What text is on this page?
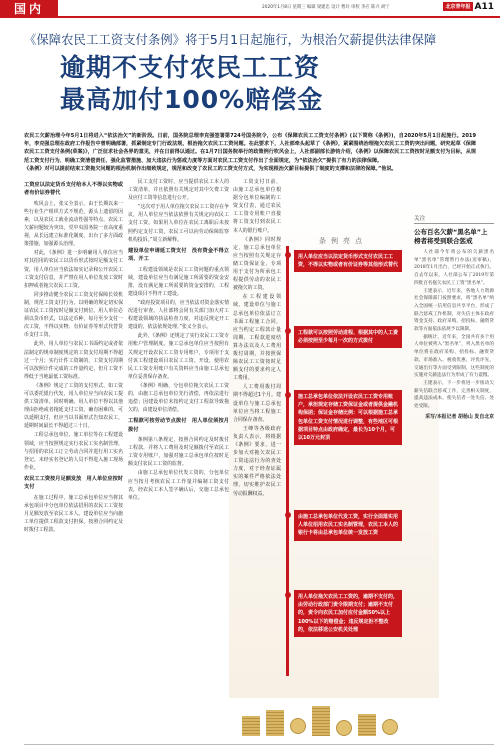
国内	2020年1月8日 星期三 编辑 梁建忠 设计 曹玲 审校 李应 陈兴 胡宁	北京青年报 A11
《保障农民工工资支付条例》将于5月1日起施行，为根治欠薪提供法律保障
逾期不支付农民工工资
最高加付100%赔偿金
农民工欠薪治理今年5月1日将进入“依法治欠”的新阶段。日前，国务院总理李克强签署第724号国务院令，公布《保障农民工工资支付条例》(以下简称《条例》)，自2020年5月1日起施行。2019年，李克强总理在政府工作报告中曾明确部署，抓紧制定专门行政法规，根治拖欠农民工工资问题。在此要求下，人社部牵头起草了《条例》，紧紧围绕治理拖欠农民工工资的突出问题，研究起草《保障农民工工资支付条例(草案)》，广泛征求社会各界的意见，并在日前得以通过。在1月7日国务院举行的政策例行吹风会上，人社部副部长游钧介绍，《条例》以保障农民工工资按时足额支付为目标，从规范工资支付行为、明确工资清偿责任、强化监管措施、加大违法行为惩戒力度等方面对农民工工资支付作出了全面规定，为“依法治欠”提供了有力的法律保障。
《条例》对可以提前结束工资拖欠问题的根治机制作出细致规定，规范和改变了农民工的工资支付方式，为实现根治欠薪目标提供了制度的支撑和法律的保障。”他说。
工资应以法定货币支付给本人不得以实物或者有价证券替代

吹风会上，张义全表示，由于长期以来一些行业生产组织方式不规范，源头上遗留的因素，以及农民工就业流动性强等特点，农民工欠薪问题较为突出。党中央国务院一直高度重视，从长远建立标准化制度，出台了多方面政策措施，加强源头治理。

对此，《条例》进一步明确用人单位应当对其招用的农民工以货币形式按时足额支付工资，用人单位应当依法如实记录和公开农民工工资支付信息，并严禁在用人单位发放工资时扣押或者拖欠农民工工资。

同步推动健全农民工工资支付保障长效机制，规范工资支付行为，以明确的规定切实保证农民工工资按时足额支付到位。用人单位必须以货币形式，以法定币种，每月至少支付一次工资，不得以实物、有价证券等形式代替货币支付工资。

此外，用人单位与农民工书面约定或者依法制定的规章制度规定的工资支付周期不得超过一个月；实行计件工资制的，工资支付周期可以按照计件完成的工作量约定，但月工资不得低于当地最低工资标准。

《条例》规定了工资的支付形式、如工资可以委托银行代发，用人单位应当向农民工提供工资清单。同时明确，用人单位不得以其他理由拒绝或者拖延支付工资，确有困难的，可以延期支付，但应当以书面形式告知农民工，延期时间最长不得超过三十日。

工程总承包单位、施工单位等在工程建设领域，应当按照规定实行农民工实名制管理，与招用的农民工订立劳动合同并进行用工实名登记。未经实名登记的人员不得进入施工现场作业。

农民工工资按月足额发放　用人单位应按时支付

在施工过程中，施工总承包单位应当将其承包项目中分包单位依法招用的农民工工资按月足额发放至农民工本人。建设单位应当向施工单位提供工程款支付担保，按照合同约定及时拨付工程款。

民工支付工资时，应当提供农民工本人的工资清单，并且依照有关规定对其中欠费工资及应付工资等信息进行公开。

“这次对于用人单位拖欠农民工工资存在争议，用人单位应当依法依照有关规定向农民工支付工资。如果用人单位在农民工离职后未按照约定支付工资，农民工可以向劳动保障监察机构投诉。”周立新解释。

建设单位申请延工资支付　没有资金不得立项、开工

工程建设领域是农民工工资问题的重点领域，建设单位应当有满足施工所需要的资金安排，没有满足施工所需要的资金安排的，工程建设项目不得开工建设。

“政府投资项目的，应当依法对资金落实情况进行审查。人社部将会同有关部门加大对工程建设领域的执法检查力度，对违反规定开工建设的，依法依规处理。”张义全表示。

此外，《条例》还规定了实行农民工工资专用账户管理制度。施工总承包单位应当按照有关规定开设农民工工资专用账户，专项用于支付该工程建设项目农民工工资。开设、使用农民工工资专用账户有关资料应当由施工总承包单位妥善保存备查。

《条例》明确，分包单位拖欠农民工工资的，由施工总承包单位先行清偿，再依法进行追偿；因建设单位未按约定支付工程款导致拖欠的，由建设单位清偿。

工程款可按劳动节点拨付　用人单位须按月拨付

条例第八条规定，按照合同约定及时拨付工程款，并将人工费用及时足额拨付至农民工工资专用账户，加强对施工总承包单位按时足额支付农民工工资的监督。

由施工总承包单位代发工资的，分包单位应当按月考核农民工工作量并编制工资支付表，经农民工本人签字确认后，交施工总承包单位。

工资支付日前，由施工总承包单位根据分包单位编制的工资支付表，通过农民工工资专用账户直接将工资支付到农民工本人的银行账户。

《条例》同时规定，施工总承包单位应当按照有关规定存储工资保证金，专项用于支付为所承包工程提供劳动的农民工被拖欠的工资。

在工程建设领域，建设单位与施工总承包单位依法订立书面工程施工合同，应当约定工程款计量周期、工程款进度结算办法以及人工费用拨付周期，并按照保障农民工工资按时足额支付的要求约定人工费用。

人工费用拨付周期不得超过1个月。建设单位与施工总承包单位应当将工程施工合同保存备查。

王峰等各级政府负责人表示，将根据《条例》要求，进一步加大对拖欠农民工工资违法行为的查处力度，对于经查证属实的案件严格依法处理，切实维护农民工劳动报酬权益。

条例亮点
用人单位应当以法定货币形式支付农民工工资，不得以实物或者有价证券等其他形式替代
工程款可以按照劳动进程、根据其中的人工费必须按照至少每月一次的方式拨付
施工总承包单位依法开设农民工工资专用账户，承担规定存储工资保证金或者提供金融机构保函；保证金存储比例：可以根据施工总承包单位工资支付情况进行调整，有些地区可根据项目特点由政府确定，最长为10个月，可以10万元封顶
由施工总承包单位代发工资，实行全面落实用人单位招用农民工实名制管理，农民工本人的银行卡将由总承包单位统一发放工资
用人单位拖欠农民工工资的，逾期不支付的，由劳动行政部门责令限期支付；逾期不支付的，责令向农民工加付应付金额50%以上100%以下的赔偿金；违反规定拒不整改的，依法移送公安机关处理
关注
公布百名欠薪“黑名单”上榜者将受到联合惩戒

人社部今年将公布的欠薪黑名单“黑名单”管理暂行办法(送审稿)，2018年1月出台，已经开始正式执行。自去年以来，人社部公布了2019年第四批百名拖欠农民工工资“黑名单”。

王建表示，近年来，各地人力资源社会保障部门按照要求，将“黑名单”纳入全国统一信用信息共享平台，形成了联合惩戒工作机制，对失信主体在政府资金支持、政府采购、招投标、融资贷款等方面依法依规予以限制。

据统计，近年来，全国共有多个用人单位被列入“黑名单”，列入黑名单的单位将在政府采购、招投标、融资贷款、市场准入、税收优惠、评优评先、交通出行等方面受到限制，这些制度的实施对欠薪违法行为形成了有力震慑。

王建表示，下一步将进一步推动欠薪失信联合惩戒工作，完善相关制度，提高违法成本，使失信者一处失信、处处受限。

采写/本报记者 胡杨山 发自北京
